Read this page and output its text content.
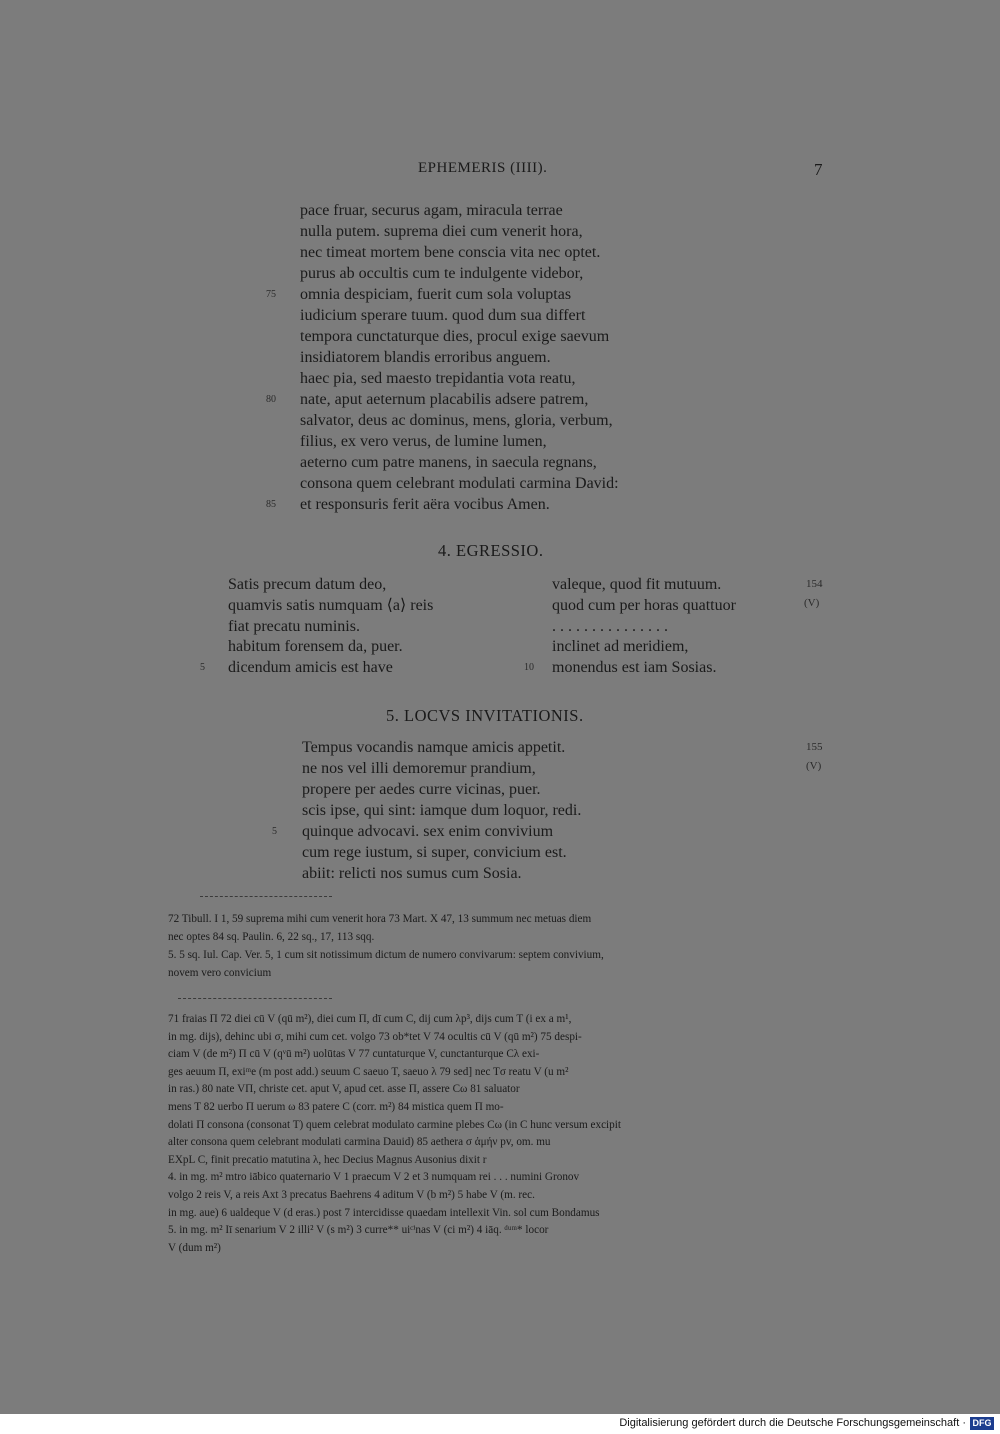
EPHEMERIS (IIII).	7
pace fruar, securus agam, miracula terrae
nulla putem. suprema diei cum venerit hora,
nec timeat mortem bene conscia vita nec optet.
purus ab occultis cum te indulgente videbor,
omnia despiciam, fuerit cum sola voluptas
75
iudicium sperare tuum. quod dum sua differt
tempora cunctaturque dies, procul exige saevum
insidiatorem blandis erroribus anguem.
haec pia, sed maesto trepidantia vota reatu,
nate, aput aeternum placabilis adsere patrem,
80
salvator, deus ac dominus, mens, gloria, verbum,
filius, ex vero verus, de lumine lumen,
aeterno cum patre manens, in saecula regnans,
consona quem celebrant modulati carmina David:
et responsuris ferit aëra vocibus Amen.
85
4. EGRESSIO.
Satis precum datum deo,
quamvis satis numquam ⟨a⟩ reis
fiat precatu numinis.
habitum forensem da, puer.
dicendum amicis est have
5
valeque, quod fit mutuum.
quod cum per horas quattuor
. . . . . . . . . . . . . . .
inclinet ad meridiem,
monendus est iam Sosias.
10
154
(V)
5. LOCVS INVITATIONIS.
Tempus vocandis namque amicis appetit.
ne nos vel illi demoremur prandium,
propere per aedes curre vicinas, puer.
scis ipse, qui sint: iamque dum loquor, redi.
quinque advocavi. sex enim convivium
5
cum rege iustum, si super, convicium est.
abiit: relicti nos sumus cum Sosia.
155
(V)
72 Tibull. I 1, 59 suprema mihi cum venerit hora 73 Mart. X 47, 13 summum nec metuas diem
nec optes 84 sq. Paulin. 6, 22 sq., 17, 113 sqq.
5. 5 sq. Iul. Cap. Ver. 5, 1 cum sit notissimum dictum de numero convivarum: septem convivium,
novem vero convicium
71 fraias Π 72 diei cū V (qū m²), diei cum Π, dī cum C, dij cum λp³, dijs cum T (i ex a m¹,
in mg. dijs), dehinc ubi σ, mihi cum cet. volgo 73 ob*tet V 74 ocultis cū V (qū m²) 75 despi-
ciam V (de m²) Π cū V (qᵛū m²) uolūtas V 77 cuntaturque V, cunctanturque Cλ exi-
ges aeuum Π, exiᵐe (m post add.) seuum C saeuo T, saeuo λ 79 sed] nec Tσ reatu V (u m²
in ras.) 80 nate VΠ, christe cet. aput V, apud cet. asse Π, assere Cω 81 saluator
mens T 82 uerbo Π uerum ω 83 patere C (corr. m²) 84 mistica quem Π mo-
dolati Π consona (consonat T) quem celebrat modulato carmine plebes Cω (in C hunc versum excipit
alter consona quem celebrant modulati carmina Dauid) 85 aethera σ ἀμήν pv, om. mu
EXpL C, finit precatio matutina λ, hec Decius Magnus Ausonius dixit r
4. in mg. m² mtro iābico quaternario V 1 praecum V 2 et 3 numquam rei . . . numini Gronov
volgo 2 reis V, a reis Axt 3 precatus Baehrens 4 aditum V (b m²) 5 habe V (m. rec.
in mg. aue) 6 ualdeque V (d eras.) post 7 intercidisse quaedam intellexit Vin. sol cum Bondamus
5. in mg. m² Iī senarium V 2 illi² V (s m²) 3 curre** uiᶜⁱnas V (ci m²) 4 iāq. ᵈᵘᵐ* locor
V (dum m²)
Digitalisierung gefördert durch die Deutsche Forschungsgemeinschaft · DFG
